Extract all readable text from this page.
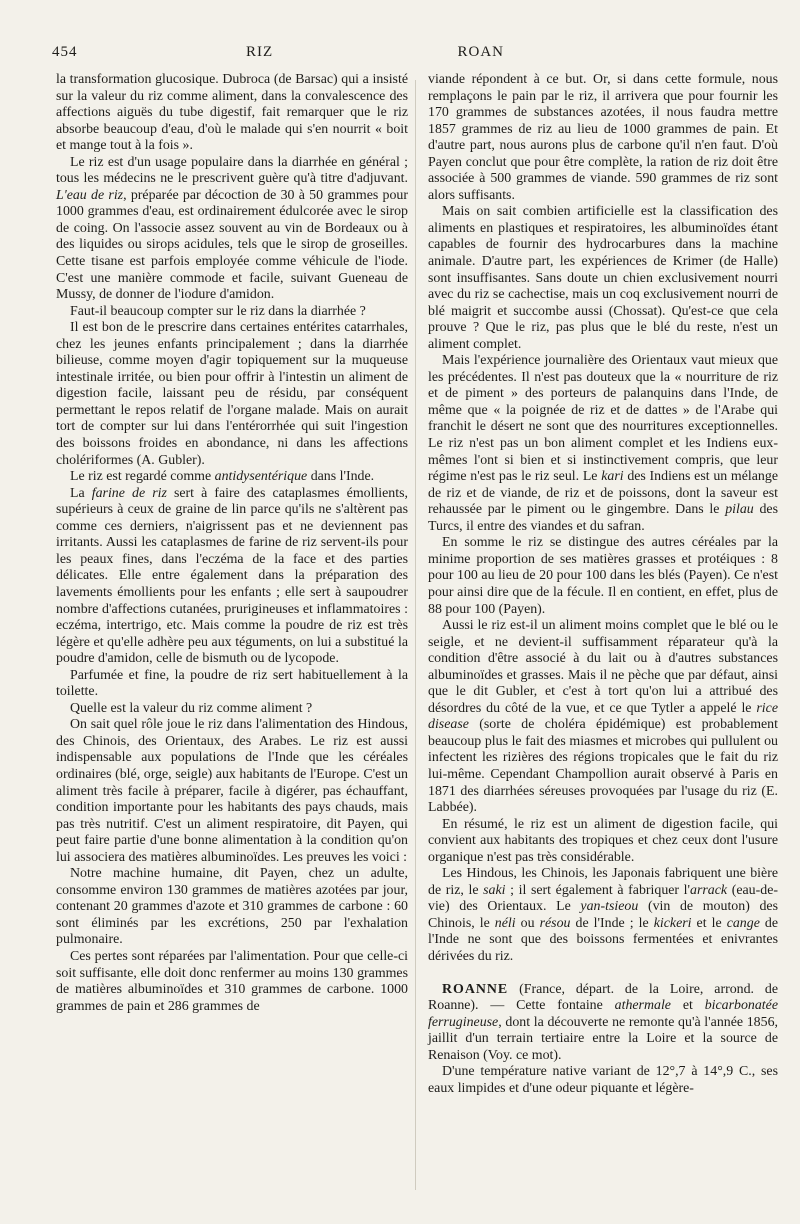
454	RIZ	ROAN

la transformation glucosique. Dubroca (de Barsac) qui a insisté sur la valeur du riz comme aliment, dans la convalescence des affections aiguës du tube digestif, fait remarquer que le riz absorbe beaucoup d'eau, d'où le malade qui s'en nourrit « boit et mange tout à la fois ».

Le riz est d'un usage populaire dans la diarrhée en général ; tous les médecins ne le prescrivent guère qu'à titre d'adjuvant. L'eau de riz, préparée par décoction de 30 à 50 grammes pour 1000 grammes d'eau, est ordinairement édulcorée avec le sirop de coing. On l'associe assez souvent au vin de Bordeaux ou à des liquides ou sirops acidules, tels que le sirop de groseilles. Cette tisane est parfois employée comme véhicule de l'iode. C'est une manière commode et facile, suivant Gueneau de Mussy, de donner de l'iodure d'amidon.

Faut-il beaucoup compter sur le riz dans la diarrhée ?

Il est bon de le prescrire dans certaines entérites catarrhales, chez les jeunes enfants principalement ; dans la diarrhée bilieuse, comme moyen d'agir topiquement sur la muqueuse intestinale irritée, ou bien pour offrir à l'intestin un aliment de digestion facile, laissant peu de résidu, par conséquent permettant le repos relatif de l'organe malade. Mais on aurait tort de compter sur lui dans l'entérorrhée qui suit l'ingestion des boissons froides en abondance, ni dans les affections cholériformes (A. Gubler).

Le riz est regardé comme antidysentérique dans l'Inde.

La farine de riz sert à faire des cataplasmes émollients, supérieurs à ceux de graine de lin parce qu'ils ne s'altèrent pas comme ces derniers, n'aigrissent pas et ne deviennent pas irritants. Aussi les cataplasmes de farine de riz servent-ils pour les peaux fines, dans l'eczéma de la face et des parties délicates. Elle entre également dans la préparation des lavements émollients pour les enfants ; elle sert à saupoudrer nombre d'affections cutanées, prurigineuses et inflammatoires : eczéma, intertrigo, etc. Mais comme la poudre de riz est très légère et qu'elle adhère peu aux téguments, on lui a substitué la poudre d'amidon, celle de bismuth ou de lycopode.

Parfumée et fine, la poudre de riz sert habituellement à la toilette.

Quelle est la valeur du riz comme aliment ?

On sait quel rôle joue le riz dans l'alimentation des Hindous, des Chinois, des Orientaux, des Arabes. Le riz est aussi indispensable aux populations de l'Inde que les céréales ordinaires (blé, orge, seigle) aux habitants de l'Europe. C'est un aliment très facile à préparer, facile à digérer, pas échauffant, condition importante pour les habitants des pays chauds, mais pas très nutritif. C'est un aliment respiratoire, dit Payen, qui peut faire partie d'une bonne alimentation à la condition qu'on lui associera des matières albuminoïdes. Les preuves les voici :

Notre machine humaine, dit Payen, chez un adulte, consomme environ 130 grammes de matières azotées par jour, contenant 20 grammes d'azote et 310 grammes de carbone : 60 sont éliminés par les excrétions, 250 par l'exhalation pulmonaire.

Ces pertes sont réparées par l'alimentation. Pour que celle-ci soit suffisante, elle doit donc renfermer au moins 130 grammes de matières albuminoïdes et 310 grammes de carbone. 1000 grammes de pain et 286 grammes de

viande répondent à ce but. Or, si dans cette formule, nous remplaçons le pain par le riz, il arrivera que pour fournir les 170 grammes de substances azotées, il nous faudra mettre 1857 grammes de riz au lieu de 1000 grammes de pain. Et d'autre part, nous aurons plus de carbone qu'il n'en faut. D'où Payen conclut que pour être complète, la ration de riz doit être associée à 500 grammes de viande. 590 grammes de riz sont alors suffisants.

Mais on sait combien artificielle est la classification des aliments en plastiques et respiratoires, les albuminoïdes étant capables de fournir des hydrocarbures dans la machine animale. D'autre part, les expériences de Krimer (de Halle) sont insuffisantes. Sans doute un chien exclusivement nourri avec du riz se cachectise, mais un coq exclusivement nourri de blé maigrit et succombe aussi (Chossat). Qu'est-ce que cela prouve ? Que le riz, pas plus que le blé du reste, n'est un aliment complet.

Mais l'expérience journalière des Orientaux vaut mieux que les précédentes. Il n'est pas douteux que la « nourriture de riz et de piment » des porteurs de palanquins dans l'Inde, de même que « la poignée de riz et de dattes » de l'Arabe qui franchit le désert ne sont que des nourritures exceptionnelles. Le riz n'est pas un bon aliment complet et les Indiens eux-mêmes l'ont si bien et si instinctivement compris, que leur régime n'est pas le riz seul. Le kari des Indiens est un mélange de riz et de viande, de riz et de poissons, dont la saveur est rehaussée par le piment ou le gingembre. Dans le pilau des Turcs, il entre des viandes et du safran.

En somme le riz se distingue des autres céréales par la minime proportion de ses matières grasses et protéiques : 8 pour 100 au lieu de 20 pour 100 dans les blés (Payen). Ce n'est pour ainsi dire que de la fécule. Il en contient, en effet, plus de 88 pour 100 (Payen).

Aussi le riz est-il un aliment moins complet que le blé ou le seigle, et ne devient-il suffisamment réparateur qu'à la condition d'être associé à du lait ou à d'autres substances albuminoïdes et grasses. Mais il ne pèche que par défaut, ainsi que le dit Gubler, et c'est à tort qu'on lui a attribué des désordres du côté de la vue, et ce que Tytler a appelé le rice disease (sorte de choléra épidémique) est probablement beaucoup plus le fait des miasmes et microbes qui pullulent ou infectent les rizières des régions tropicales que le fait du riz lui-même. Cependant Champollion aurait observé à Paris en 1871 des diarrhées séreuses provoquées par l'usage du riz (E. Labbée).

En résumé, le riz est un aliment de digestion facile, qui convient aux habitants des tropiques et chez ceux dont l'usure organique n'est pas très considérable.

Les Hindous, les Chinois, les Japonais fabriquent une bière de riz, le saki ; il sert également à fabriquer l'arrack (eau-de-vie) des Orientaux. Le yan-tsieou (vin de mouton) des Chinois, le néli ou résou de l'Inde ; le kickeri et le cange de l'Inde ne sont que des boissons fermentées et enivrantes dérivées du riz.

ROANNE (France, départ. de la Loire, arrond. de Roanne). — Cette fontaine athermale et bicarbonatée ferrugineuse, dont la découverte ne remonte qu'à l'année 1856, jaillit d'un terrain tertiaire entre la Loire et la source de Renaison (Voy. ce mot).

D'une température native variant de 12°,7 à 14°,9 C., ses eaux limpides et d'une odeur piquante et légère-
